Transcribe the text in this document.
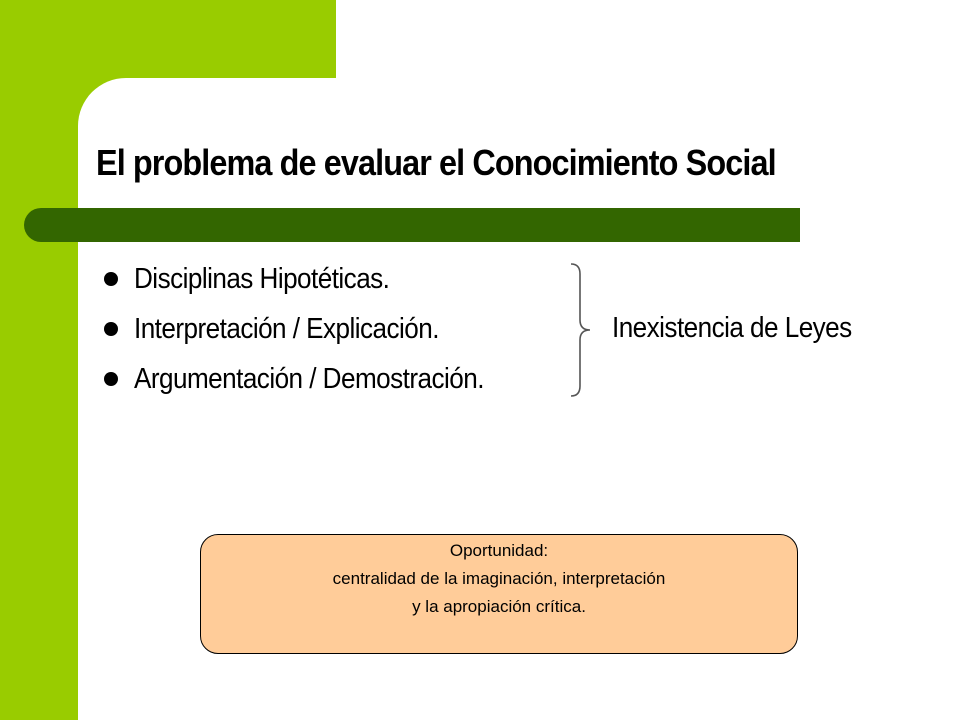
El problema de evaluar el Conocimiento Social
Disciplinas Hipotéticas.
Interpretación / Explicación.
Argumentación / Demostración.
Inexistencia de Leyes
Oportunidad:
centralidad de la imaginación, interpretación
y la apropiación crítica.
